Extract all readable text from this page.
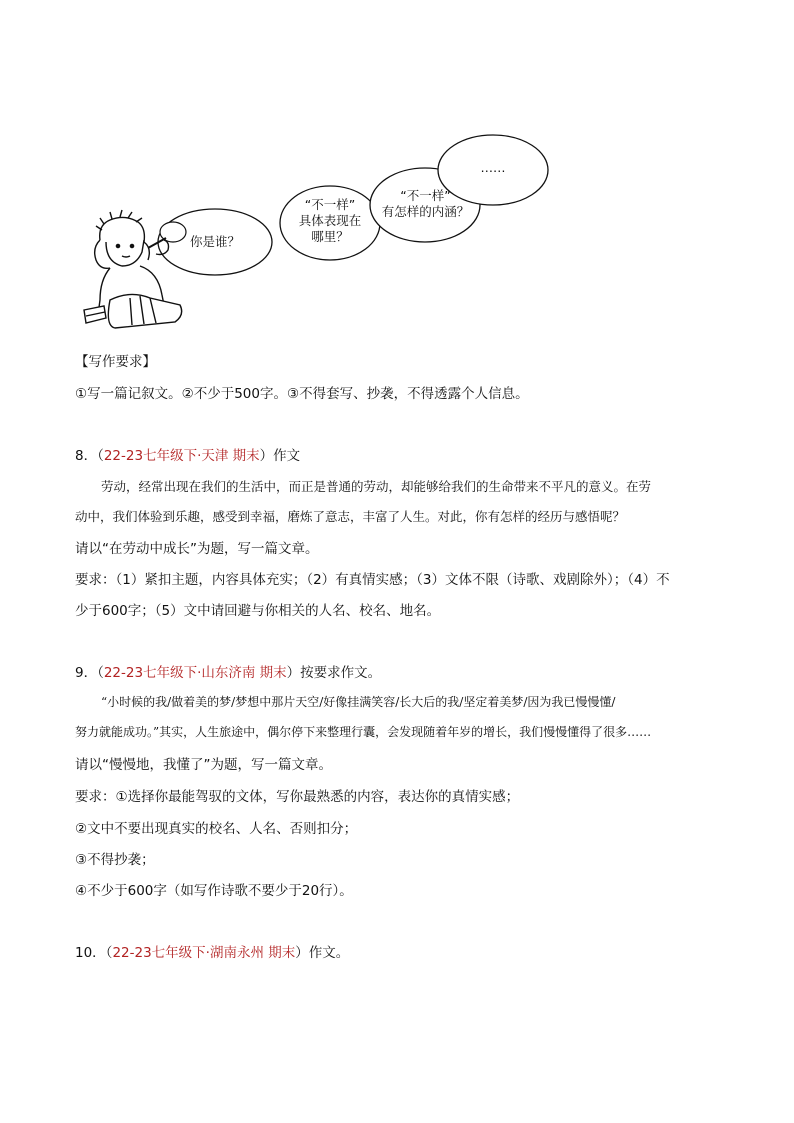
你是谁？
“不一样”
具体表现在
哪里？
“不一样”
有怎样的内涵？
……
【写作要求】
①写一篇记叙文。②不少于500字。③不得套写、抄袭，不得透露个人信息。
8．（22-23七年级下·天津 期末）作文
劳动，经常出现在我们的生活中，而正是普通的劳动，却能够给我们的生命带来不平凡的意义。在劳
动中，我们体验到乐趣，感受到幸福，磨炼了意志，丰富了人生。对此，你有怎样的经历与感悟呢？
请以“在劳动中成长”为题，写一篇文章。
要求：（1）紧扣主题，内容具体充实；（2）有真情实感；（3）文体不限（诗歌、戏剧除外）；（4）不
少于600字；（5）文中请回避与你相关的人名、校名、地名。
9．（22-23七年级下·山东济南 期末）按要求作文。
“小时候的我/做着美的梦/梦想中那片天空/好像挂满笑容/长大后的我/坚定着美梦/因为我已慢慢懂/
努力就能成功。”其实，人生旅途中，偶尔停下来整理行囊，会发现随着年岁的增长，我们慢慢懂得了很多……
请以“慢慢地，我懂了”为题，写一篇文章。
要求：①选择你最能驾驭的文体，写你最熟悉的内容，表达你的真情实感；
②文中不要出现真实的校名、人名、否则扣分；
③不得抄袭；
④不少于600字（如写作诗歌不要少于20行）。
10．（22-23七年级下·湖南永州 期末）作文。
